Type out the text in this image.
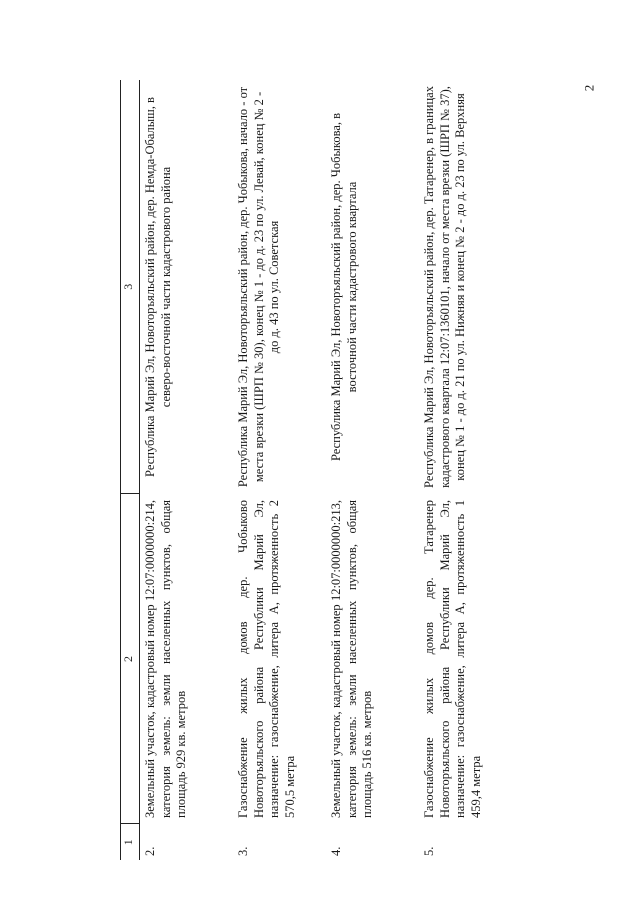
2
1	2	3
2.	Земельный участок, кадастровый номер 12:07:0000000:214, категория земель: земли населенных пунктов, общая площадь 929 кв. метров	Республика Марий Эл, Новоторъяльский район, дер. Немда-Обалыш, в северо-восточной части кадастрового района
3.	Газоснабжение жилых домов дер. Чобыково Новоторъяльского района Республики Марий Эл, назначение: газоснабжение, литера А, протяженность 2 570,5 метра	Республика Марий Эл, Новоторъяльский район, дер. Чобыкова, начало - от места врезки (ШРП № 30), конец № 1 - до д. 23 по ул. Левай, конец № 2 - до д. 43 по ул. Советская
4.	Земельный участок, кадастровый номер 12:07:0000000:213, категория земель: земли населенных пунктов, общая площадь 516 кв. метров	Республика Марий Эл, Новоторъяльский район, дер. Чобыкова, в восточной части кадастрового квартала
5.	Газоснабжение жилых домов дер. Татаренер Новоторъяльского района Республики Марий Эл, назначение: газоснабжение, литера А, протяженность 1 459,4 метра	Республика Марий Эл, Новоторъяльский район, дер. Татаренер, в границах кадастрового квартала 12:07:1360101, начало от места врезки (ШРП № 37), конец № 1 - до д. 21 по ул. Нижняя и конец № 2 - до д. 23 по ул. Верхняя
